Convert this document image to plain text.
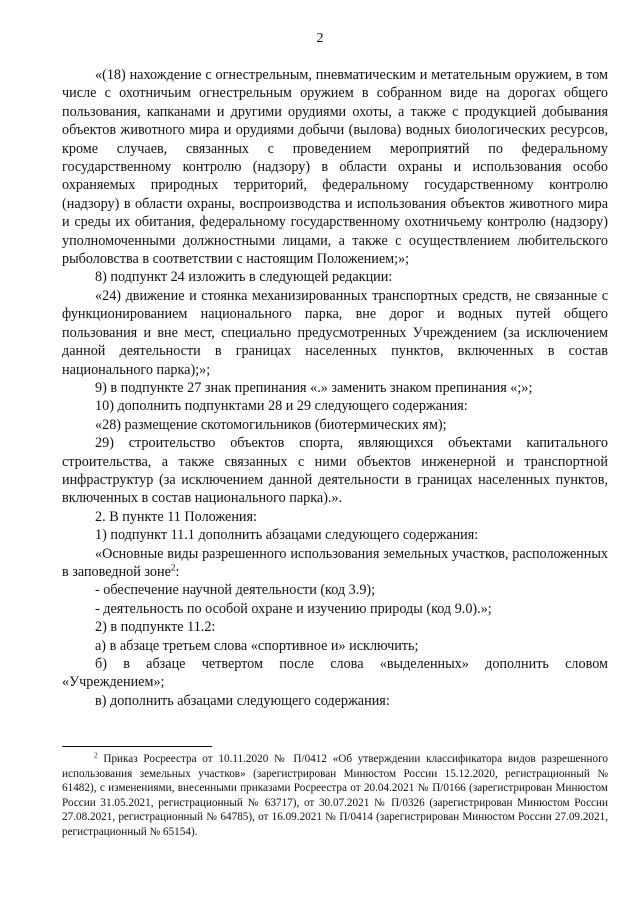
2

«(18) нахождение с огнестрельным, пневматическим и метательным оружием, в том числе с охотничьим огнестрельным оружием в собранном виде на дорогах общего пользования, капканами и другими орудиями охоты, а также с продукцией добывания объектов животного мира и орудиями добычи (вылова) водных биологических ресурсов, кроме случаев, связанных с проведением мероприятий по федеральному государственному контролю (надзору) в области охраны и использования особо охраняемых природных территорий, федеральному государственному контролю (надзору) в области охраны, воспроизводства и использования объектов животного мира и среды их обитания, федеральному государственному охотничьему контролю (надзору) уполномоченными должностными лицами, а также с осуществлением любительского рыболовства в соответствии с настоящим Положением;»;

8) подпункт 24 изложить в следующей редакции:

«24) движение и стоянка механизированных транспортных средств, не связанные с функционированием национального парка, вне дорог и водных путей общего пользования и вне мест, специально предусмотренных Учреждением (за исключением данной деятельности в границах населенных пунктов, включенных в состав национального парка);»;

9) в подпункте 27 знак препинания «.» заменить знаком препинания «;»;

10) дополнить подпунктами 28 и 29 следующего содержания:

«28) размещение скотомогильников (биотермических ям);

29) строительство объектов спорта, являющихся объектами капитального строительства, а также связанных с ними объектов инженерной и транспортной инфраструктур (за исключением данной деятельности в границах населенных пунктов, включенных в состав национального парка).».

2. В пункте 11 Положения:

1) подпункт 11.1 дополнить абзацами следующего содержания:

«Основные виды разрешенного использования земельных участков, расположенных в заповедной зоне$^2$:

- обеспечение научной деятельности (код 3.9);

- деятельность по особой охране и изучению природы (код 9.0).»;

2) в подпункте 11.2:

а) в абзаце третьем слова «спортивное и» исключить;

б) в абзаце четвертом после слова «выделенных» дополнить словом «Учреждением»;

в) дополнить абзацами следующего содержания:

$^2$ Приказ Росреестра от 10.11.2020 № П/0412 «Об утверждении классификатора видов разрешенного использования земельных участков» (зарегистрирован Минюстом России 15.12.2020, регистрационный № 61482), с изменениями, внесенными приказами Росреестра от 20.04.2021 № П/0166 (зарегистрирован Минюстом России 31.05.2021, регистрационный № 63717), от 30.07.2021 № П/0326 (зарегистрирован Минюстом России 27.08.2021, регистрационный № 64785), от 16.09.2021 № П/0414 (зарегистрирован Минюстом России 27.09.2021, регистрационный № 65154).
